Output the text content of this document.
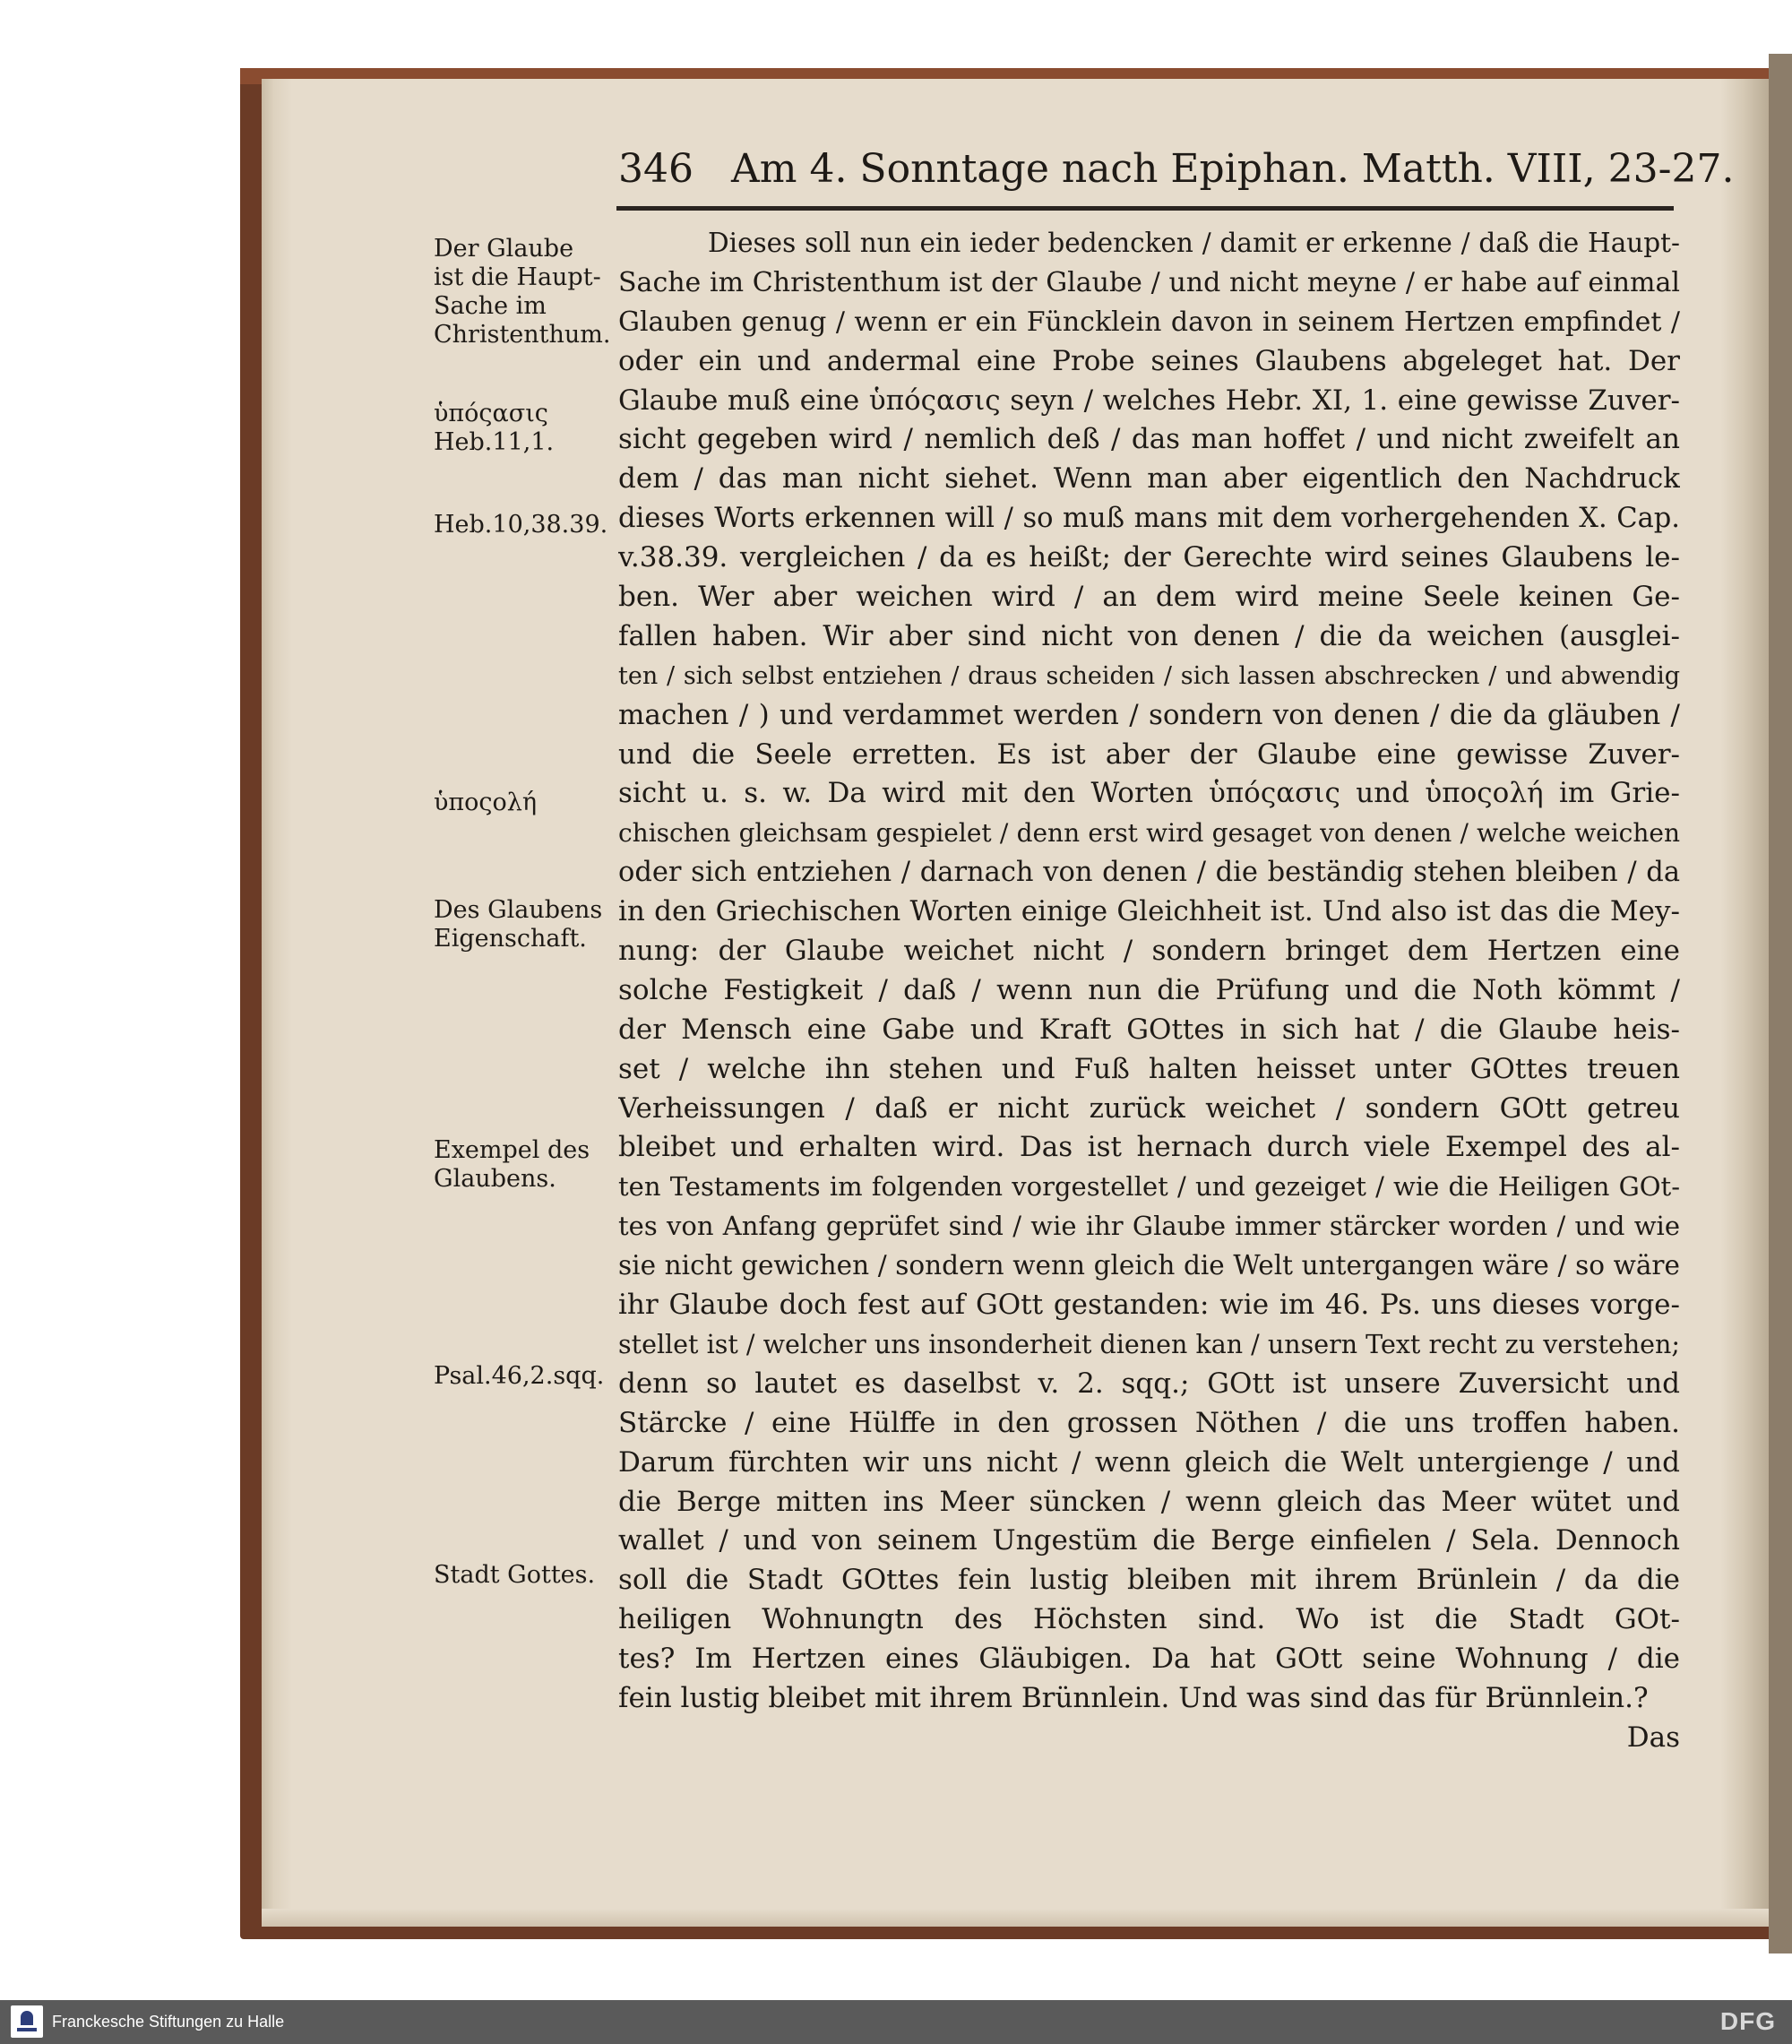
346 Am 4. Sonntage nach Epiphan. Matth. VIII, 23-27.
Der Glaube ist die Haupt-Sache im Christenthum.
ὑπόςασις Heb.11,1.
Heb.10,38.39.
ὑποςολή
Des Glaubens Eigenschaft.
Exempel des Glaubens.
Psal.46,2.sqq.
Stadt Gottes.
Dieses soll nun ein ieder bedencken / damit er erkenne / daß die Haupt-
Sache im Christenthum ist der Glaube / und nicht meyne / er habe auf einmal
Glauben genug / wenn er ein Füncklein davon in seinem Hertzen empfindet /
oder ein und andermal eine Probe seines Glaubens abgeleget hat. Der
Glaube muß eine ὑπόςασις seyn / welches Hebr. XI, 1. eine gewisse Zuver-
sicht gegeben wird / nemlich deß / das man hoffet / und nicht zweifelt an
dem / das man nicht siehet. Wenn man aber eigentlich den Nachdruck
dieses Worts erkennen will / so muß mans mit dem vorhergehenden X. Cap.
v.38.39. vergleichen / da es heißt; der Gerechte wird seines Glaubens le-
ben. Wer aber weichen wird / an dem wird meine Seele keinen Ge-
fallen haben. Wir aber sind nicht von denen / die da weichen (ausglei-
ten / sich selbst entziehen / draus scheiden / sich lassen abschrecken / und abwendig
machen / ) und verdammet werden / sondern von denen / die da gläuben /
und die Seele erretten. Es ist aber der Glaube eine gewisse Zuver-
sicht u. s. w. Da wird mit den Worten ὑπόςασις und ὑποςολή im Grie-
chischen gleichsam gespielet / denn erst wird gesaget von denen / welche weichen
oder sich entziehen / darnach von denen / die beständig stehen bleiben / da
in den Griechischen Worten einige Gleichheit ist. Und also ist das die Mey-
nung: der Glaube weichet nicht / sondern bringet dem Hertzen eine
solche Festigkeit / daß / wenn nun die Prüfung und die Noth kömmt /
der Mensch eine Gabe und Kraft GOttes in sich hat / die Glaube heis-
set / welche ihn stehen und Fuß halten heisset unter GOttes treuen
Verheissungen / daß er nicht zurück weichet / sondern GOtt getreu
bleibet und erhalten wird. Das ist hernach durch viele Exempel des al-
ten Testaments im folgenden vorgestellet / und gezeiget / wie die Heiligen GOt-
tes von Anfang geprüfet sind / wie ihr Glaube immer stärcker worden / und wie
sie nicht gewichen / sondern wenn gleich die Welt untergangen wäre / so wäre
ihr Glaube doch fest auf GOtt gestanden: wie im 46. Ps. uns dieses vorge-
stellet ist / welcher uns insonderheit dienen kan / unsern Text recht zu verstehen;
denn so lautet es daselbst v. 2. sqq.; GOtt ist unsere Zuversicht und
Stärcke / eine Hülffe in den grossen Nöthen / die uns troffen haben.
Darum fürchten wir uns nicht / wenn gleich die Welt untergienge / und
die Berge mitten ins Meer süncken / wenn gleich das Meer wütet und
wallet / und von seinem Ungestüm die Berge einfielen / Sela. Dennoch
soll die Stadt GOttes fein lustig bleiben mit ihrem Brünlein / da die
heiligen Wohnungtn des Höchsten sind. Wo ist die Stadt GOt-
tes? Im Hertzen eines Gläubigen. Da hat GOtt seine Wohnung / die
fein lustig bleibet mit ihrem Brünnlein. Und was sind das für Brünnlein.?
Das
Franckesche Stiftungen zu Halle	DFG
